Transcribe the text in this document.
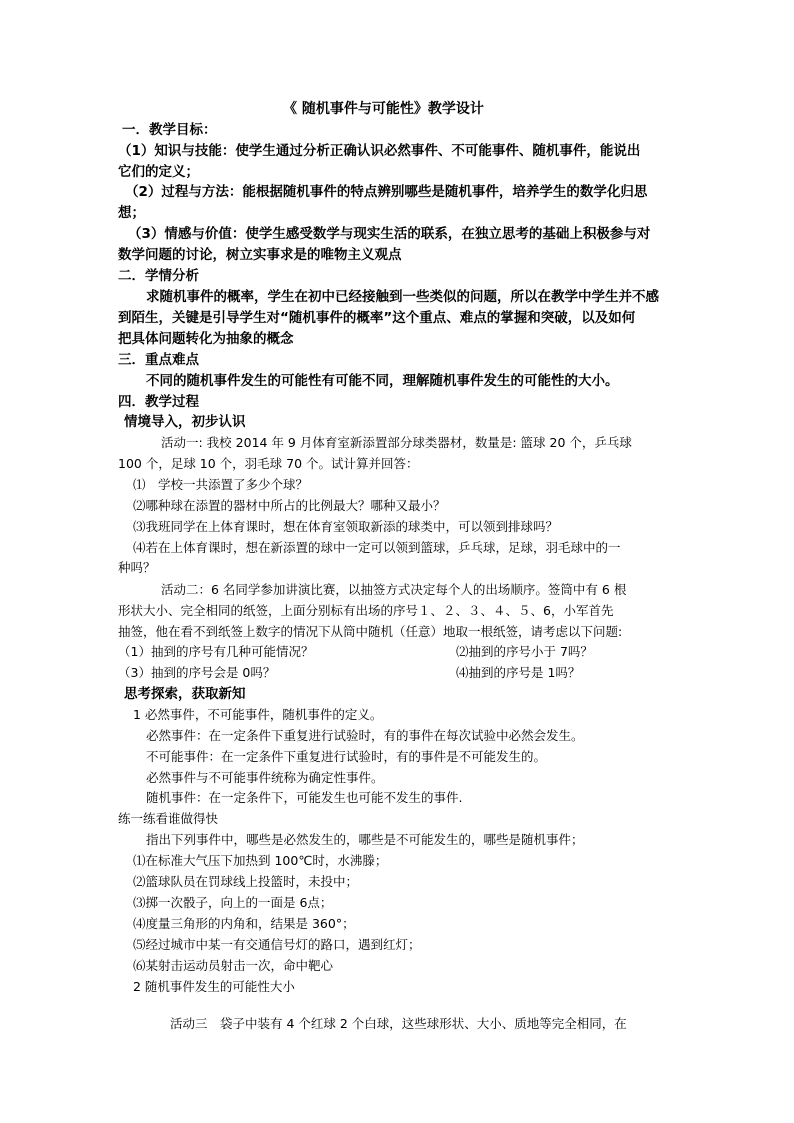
《 随机事件与可能性》教学设计
一．教学目标：
（1）知识与技能：使学生通过分析正确认识必然事件、不可能事件、随机事件，能说出
它们的定义；
（2）过程与方法：能根据随机事件的特点辨别哪些是随机事件，培养学生的数学化归思
想；
（3）情感与价值：使学生感受数学与现实生活的联系，在独立思考的基础上积极参与对
数学问题的讨论，树立实事求是的唯物主义观点
二．学情分析
求随机事件的概率，学生在初中已经接触到一些类似的问题，所以在教学中学生并不感
到陌生，关键是引导学生对“随机事件的概率”这个重点、难点的掌握和突破，以及如何
把具体问题转化为抽象的概念
三．重点难点
不同的随机事件发生的可能性有可能不同，理解随机事件发生的可能性的大小。
四．教学过程
情境导入，初步认识
活动一: 我校 2014 年 9 月体育室新添置部分球类器材，数量是: 篮球 20 个，乒乓球
100 个，足球 10 个，羽毛球 70 个。试计算并回答：
⑴　学校一共添置了多少个球？
⑵哪种球在添置的器材中所占的比例最大？哪种又最小？
⑶我班同学在上体育课时，想在体育室领取新添的球类中，可以领到排球吗？
⑷若在上体育课时，想在新添置的球中一定可以领到篮球，乒乓球，足球，羽毛球中的一
种吗？
活动二：6 名同学参加讲演比赛，以抽签方式决定每个人的出场顺序。签筒中有 6 根
形状大小、完全相同的纸签，上面分别标有出场的序号１、２、３、４、５、6，小军首先
抽签，他在看不到纸签上数字的情况下从筒中随机（任意）地取一根纸签，请考虑以下问题:
（1）抽到的序号有几种可能情况？	⑵抽到的序号小于 7吗？
（3）抽到的序号会是 0吗？	⑷抽到的序号是 1吗？
思考探索，获取新知
1 必然事件，不可能事件，随机事件的定义。
必然事件：在一定条件下重复进行试验时，有的事件在每次试验中必然会发生。
不可能事件：在一定条件下重复进行试验时，有的事件是不可能发生的。
必然事件与不可能事件统称为确定性事件。
随机事件：在一定条件下，可能发生也可能不发生的事件.
练一练看谁做得快
指出下列事件中，哪些是必然发生的，哪些是不可能发生的，哪些是随机事件；
⑴在标准大气压下加热到 100℃时，水沸滕；
⑵篮球队员在罚球线上投篮时，未投中；
⑶掷一次骰子，向上的一面是 6点；
⑷度量三角形的内角和，结果是 360°；
⑸经过城市中某一有交通信号灯的路口，遇到红灯；
⑹某射击运动员射击一次，命中靶心
2 随机事件发生的可能性大小
活动三　袋子中装有 4 个红球 2 个白球，这些球形状、大小、质地等完全相同，在
